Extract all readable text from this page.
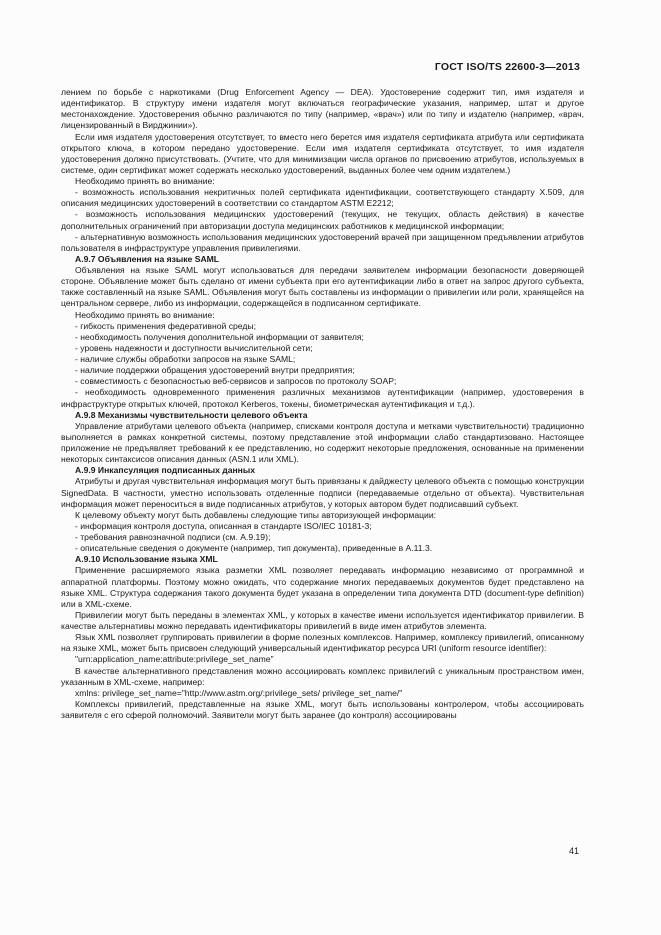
ГОСТ ISO/TS 22600-3—2013

лением по борьбе с наркотиками (Drug Enforcement Agency — DEA). Удостоверение содержит тип, имя издателя и идентификатор. В структуру имени издателя могут включаться географические указания, например, штат и другое местонахождение. Удостоверения обычно различаются по типу (например, «врач») или по типу и издателю (например, «врач, лицензированный в Вирджинии»).

Если имя издателя удостоверения отсутствует, то вместо него берется имя издателя сертификата атрибута или сертификата открытого ключа, в котором передано удостоверение. Если имя издателя сертификата отсутствует, то имя издателя удостоверения должно присутствовать. (Учтите, что для минимизации числа органов по присвоению атрибутов, используемых в системе, один сертификат может содержать несколько удостоверений, выданных более чем одним издателем.)

Необходимо принять во внимание:

- возможность использования некритичных полей сертификата идентификации, соответствующего стандарту X.509, для описания медицинских удостоверений в соответствии со стандартом ASTM E2212;

- возможность использования медицинских удостоверений (текущих, не текущих, область действия) в качестве дополнительных ограничений при авторизации доступа медицинских работников к медицинской информации;

- альтернативную возможность использования медицинских удостоверений врачей при защищенном предъявлении атрибутов пользователя в инфраструктуре управления привилегиями.

А.9.7 Объявления на языке SAML

Объявления на языке SAML могут использоваться для передачи заявителем информации безопасности доверяющей стороне. Объявление может быть сделано от имени субъекта при его аутентификации либо в ответ на запрос другого субъекта, также составленный на языке SAML. Объявления могут быть составлены из информации о привилегии или роли, хранящейся на центральном сервере, либо из информации, содержащейся в подписанном сертификате.

Необходимо принять во внимание:

- гибкость применения федеративной среды;

- необходимость получения дополнительной информации от заявителя;

- уровень надежности и доступности вычислительной сети;

- наличие службы обработки запросов на языке SAML;

- наличие поддержки обращения удостоверений внутри предприятия;

- совместимость с безопасностью веб-сервисов и запросов по протоколу SOAP;

- необходимость одновременного применения различных механизмов аутентификации (например, удостоверения в инфраструктуре открытых ключей, протокол Kerberos, токены, биометрическая аутентификация и т.д.).

А.9.8 Механизмы чувствительности целевого объекта

Управление атрибутами целевого объекта (например, списками контроля доступа и метками чувствительности) традиционно выполняется в рамках конкретной системы, поэтому представление этой информации слабо стандартизовано. Настоящее приложение не предъявляет требований к ее представлению, но содержит некоторые предложения, основанные на применении некоторых синтаксисов описания данных (ASN.1 или XML).

А.9.9 Инкапсуляция подписанных данных

Атрибуты и другая чувствительная информация могут быть привязаны к дайджесту целевого объекта с помощью конструкции SignedData. В частности, уместно использовать отделенные подписи (передаваемые отдельно от объекта). Чувствительная информация может переноситься в виде подписанных атрибутов, у которых автором будет подписавший субъект.

К целевому объекту могут быть добавлены следующие типы авторизующей информации:

- информация контроля доступа, описанная в стандарте ISO/IEC 10181-3;

- требования равнозначной подписи (см. А.9.19);

- описательные сведения о документе (например, тип документа), приведенные в А.11.3.

А.9.10 Использование языка XML

Применение расширяемого языка разметки XML позволяет передавать информацию независимо от программной и аппаратной платформы. Поэтому можно ожидать, что содержание многих передаваемых документов будет представлено на языке XML. Структура содержания такого документа будет указана в определении типа документа DTD (document-type definition) или в XML-схеме.

Привилегии могут быть переданы в элементах XML, у которых в качестве имени используется идентификатор привилегии. В качестве альтернативы можно передавать идентификаторы привилегий в виде имен атрибутов элемента.

Язык XML позволяет группировать привилегии в форме полезных комплексов. Например, комплексу привилегий, описанному на языке XML, может быть присвоен следующий универсальный идентификатор ресурса URI (uniform resource identifier):

"urn:application_name:attribute:privilege_set_name"

В качестве альтернативного представления можно ассоциировать комплекс привилегий с уникальным пространством имен, указанным в XML-схеме, например:

xmlns: privilege_set_name="http://www.astm.org/:privilege_sets/ privilege_set_name/"

Комплексы привилегий, представленные на языке XML, могут быть использованы контролером, чтобы ассоциировать заявителя с его сферой полномочий. Заявители могут быть заранее (до контроля) ассоциированы

41
